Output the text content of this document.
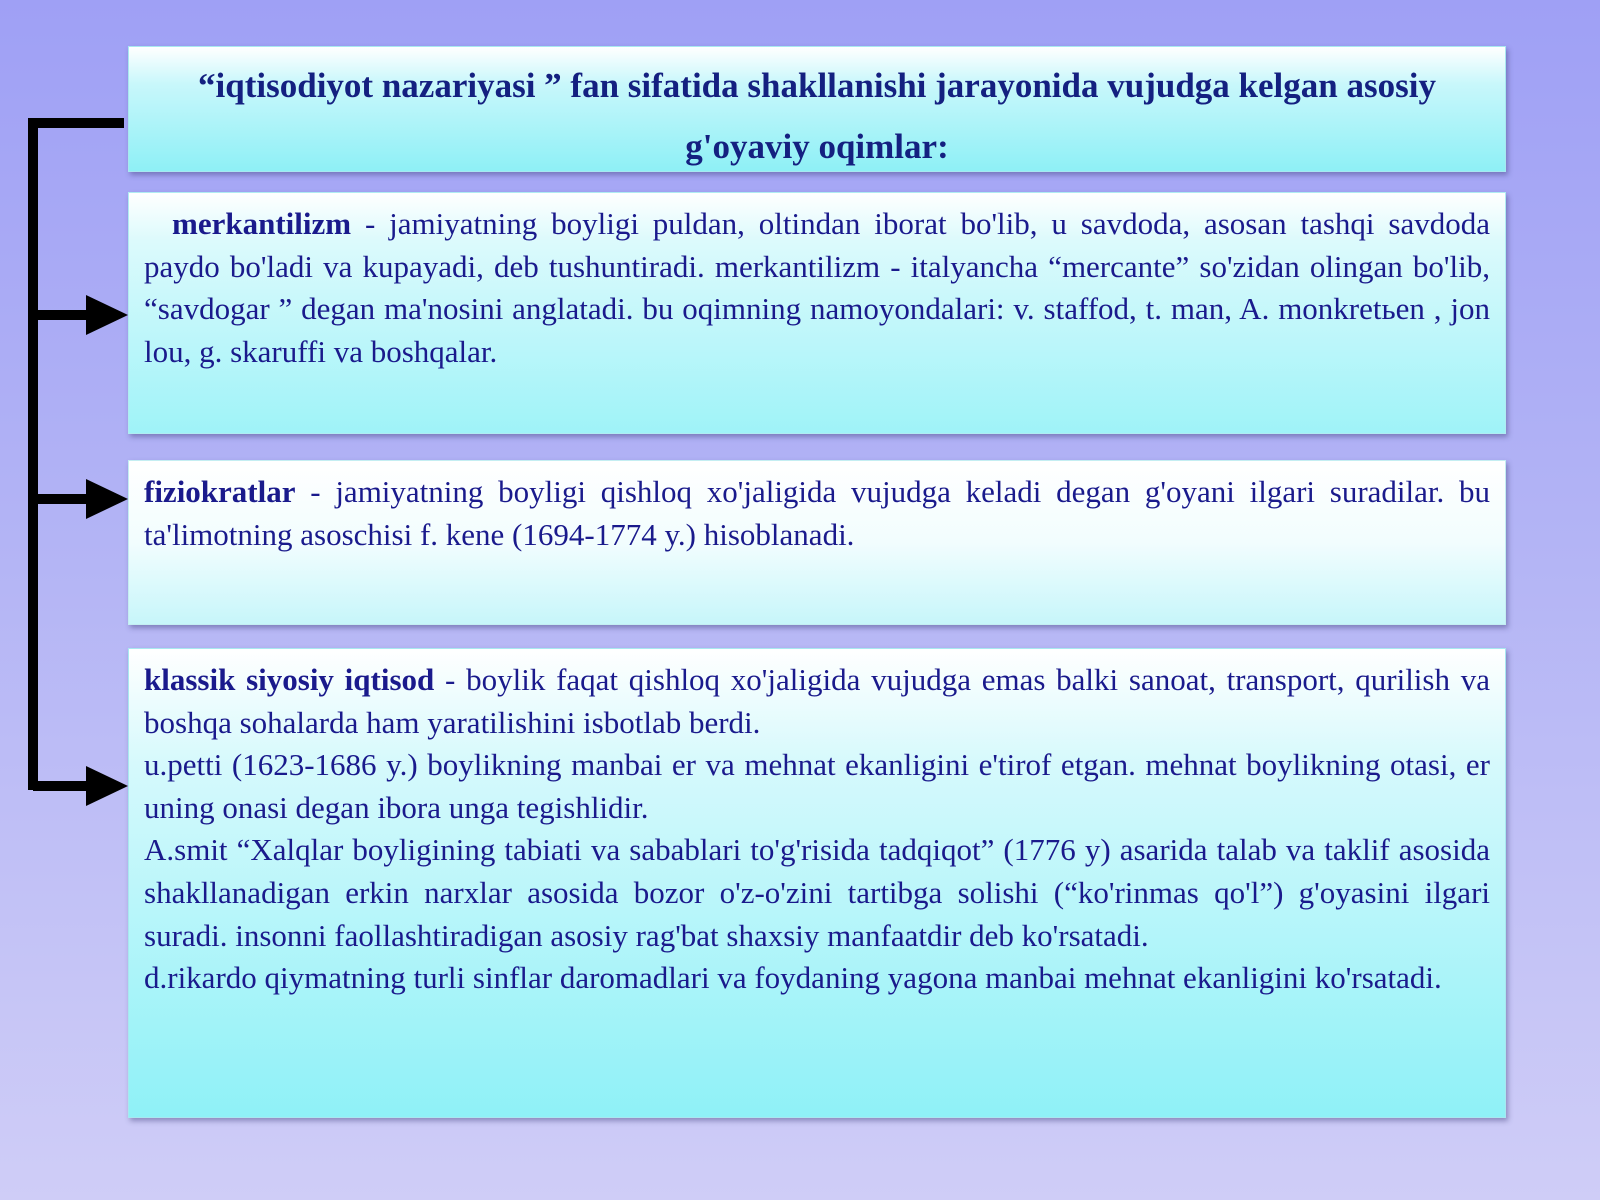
“iqtisodiyot nazariyasi ” fan sifatida shakllanishi jarayonida vujudga kelgan asosiy g'oyaviy oqimlar:

merkantilizm - jamiyatning boyligi puldan, oltindan iborat bo'lib, u savdoda, asosan tashqi savdoda paydo bo'ladi va kupayadi, deb tushuntiradi. merkantilizm - italyancha “mercante” so'zidan olingan bo'lib, “savdogar ” degan ma'nosini anglatadi. bu oqimning namoyondalari: v. staffod, t. man, A. monkretьen , jon lou, g. skaruffi va boshqalar.

fiziokratlar - jamiyatning boyligi qishloq xo'jaligida vujudga keladi degan g'oyani ilgari suradilar. bu ta'limotning asoschisi f. kene (1694-1774 y.) hisoblanadi.

klassik siyosiy iqtisod - boylik faqat qishloq xo'jaligida vujudga emas balki sanoat, transport, qurilish va boshqa sohalarda ham yaratilishini isbotlab berdi.

u.petti (1623-1686 y.) boylikning manbai er va mehnat ekanligini e'tirof etgan. mehnat boylikning otasi, er uning onasi degan ibora unga tegishlidir.

A.smit “Xalqlar boyligining tabiati va sabablari to'g'risida tadqiqot” (1776 y) asarida talab va taklif asosida shakllanadigan erkin narxlar asosida bozor o'z-o'zini tartibga solishi (“ko'rinmas qo'l”) g'oyasini ilgari suradi. insonni faollashtiradigan asosiy rag'bat shaxsiy manfaatdir deb ko'rsatadi.

d.rikardo qiymatning turli sinflar daromadlari va foydaning yagona manbai mehnat ekanligini ko'rsatadi.
